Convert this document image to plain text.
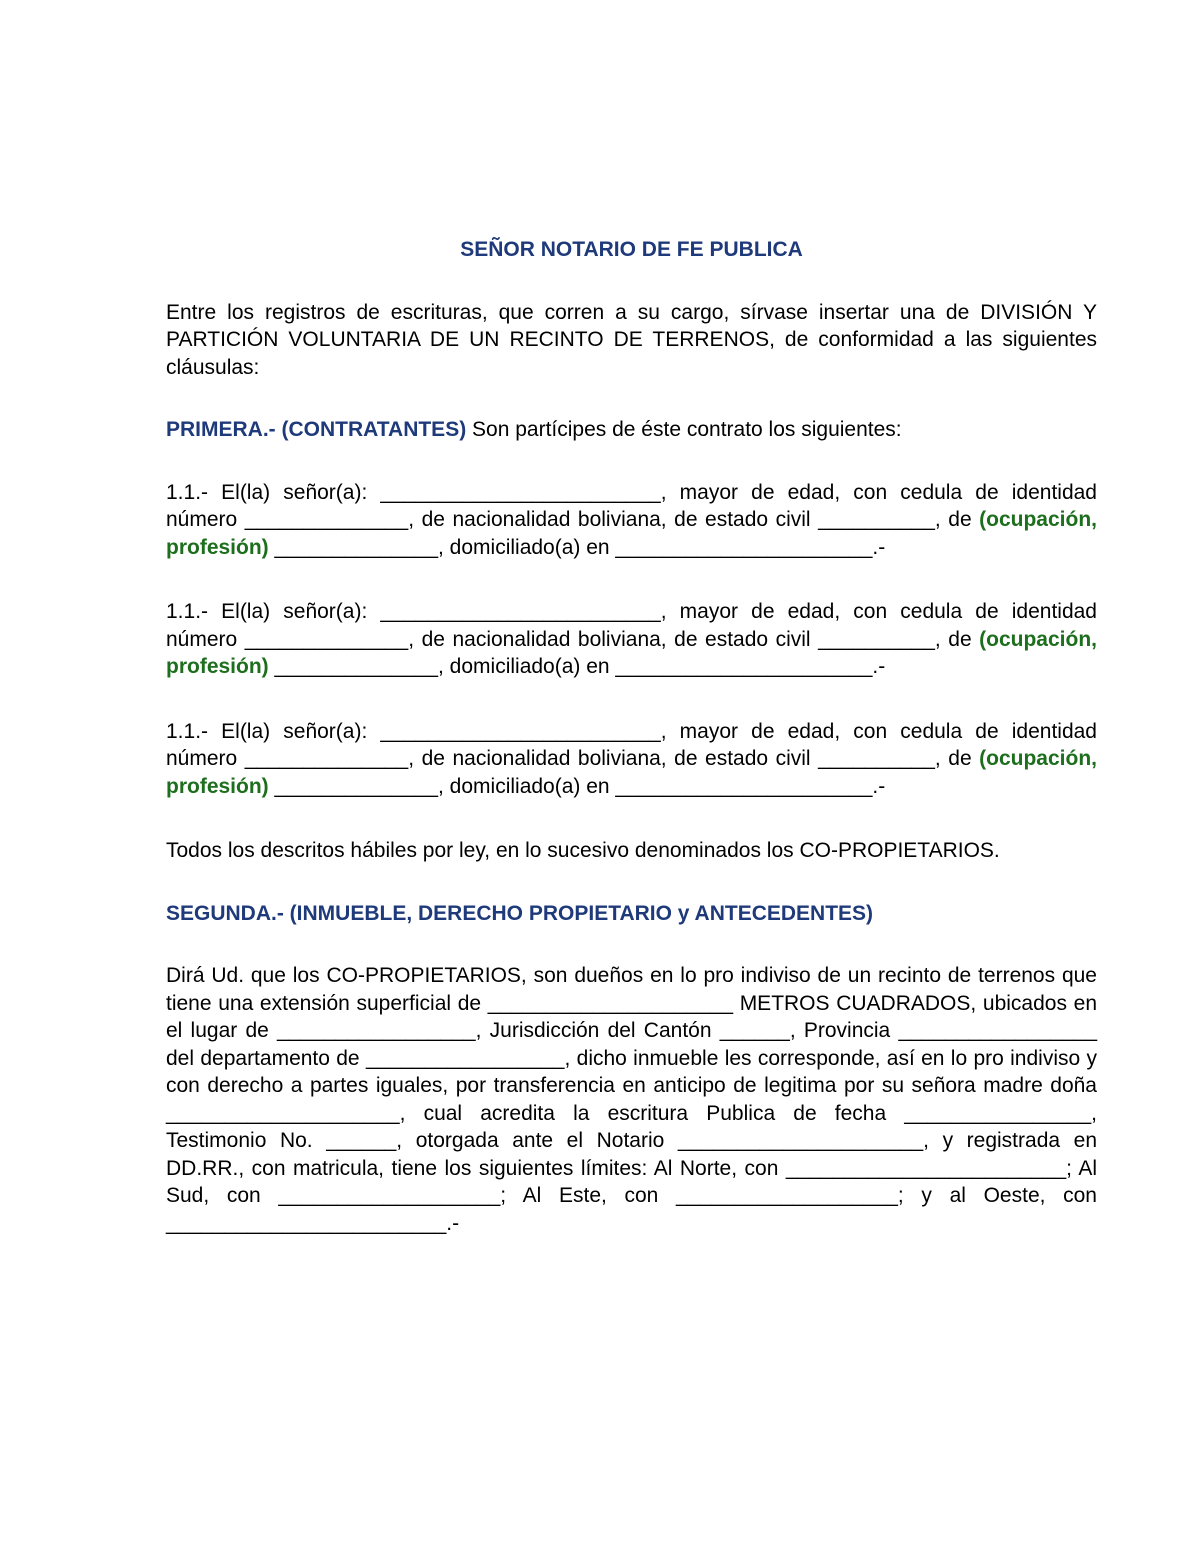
SEÑOR NOTARIO DE FE PUBLICA

Entre los registros de escrituras, que corren a su cargo, sírvase insertar una de DIVISIÓN Y PARTICIÓN VOLUNTARIA DE UN RECINTO DE TERRENOS, de conformidad a las siguientes cláusulas:

PRIMERA.- (CONTRATANTES) Son partícipes de éste contrato los siguientes:

1.1.- El(la) señor(a): ________________________, mayor de edad, con cedula de identidad número ______________, de nacionalidad boliviana, de estado civil __________, de (ocupación, profesión) ______________, domiciliado(a) en ______________________.-

1.1.- El(la) señor(a): ________________________, mayor de edad, con cedula de identidad número ______________, de nacionalidad boliviana, de estado civil __________, de (ocupación, profesión) ______________, domiciliado(a) en ______________________.-

1.1.- El(la) señor(a): ________________________, mayor de edad, con cedula de identidad número ______________, de nacionalidad boliviana, de estado civil __________, de (ocupación, profesión) ______________, domiciliado(a) en ______________________.-

Todos los descritos hábiles por ley, en lo sucesivo denominados los CO-PROPIETARIOS.

SEGUNDA.- (INMUEBLE, DERECHO PROPIETARIO y ANTECEDENTES)

Dirá Ud. que los CO-PROPIETARIOS, son dueños en lo pro indiviso de un recinto de terrenos que tiene una extensión superficial de _____________________ METROS CUADRADOS, ubicados en el lugar de _________________, Jurisdicción del Cantón ______, Provincia _________________ del departamento de _________________, dicho inmueble les corresponde, así en lo pro indiviso y con derecho a partes iguales, por transferencia en anticipo de legitima por su señora madre doña ____________________, cual acredita la escritura Publica de fecha ________________, Testimonio No. ______, otorgada ante el Notario _____________________, y registrada en DD.RR., con matricula, tiene los siguientes límites: Al Norte, con ________________________; Al Sud, con ___________________; Al Este, con ___________________; y al Oeste, con ________________________.-
